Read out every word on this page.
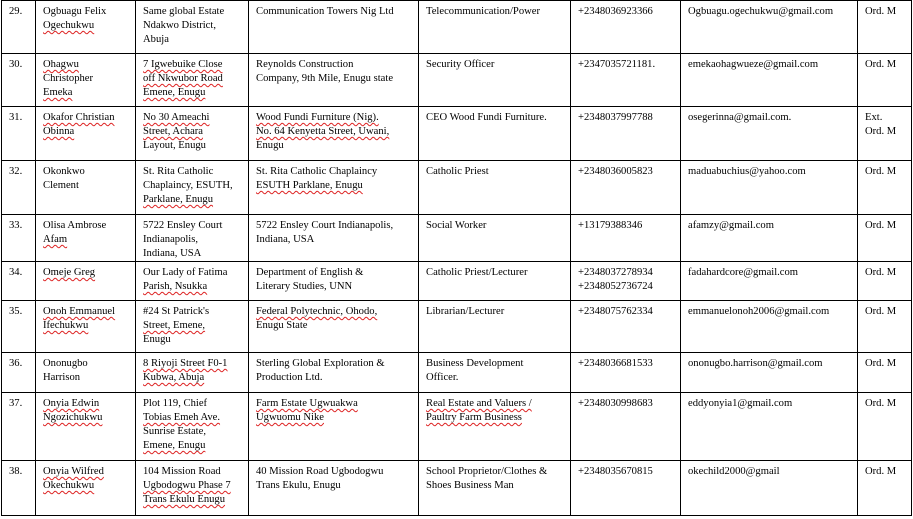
29.	Ogbuagu Felix
Ogechukwu	Same global Estate
Ndakwo District,
Abuja	Communication Towers Nig Ltd	Telecommunication/Power	+2348036923366	Ogbuagu.ogechukwu@gmail.com	Ord. M

30.	Ohagwu
Christopher
Emeka	7 Igwebuike Close
off Nkwubor Road
Emene, Enugu	Reynolds Construction
Company, 9th Mile, Enugu state	Security Officer	+2347035721181.	emekaohagwueze@gmail.com	Ord. M

31.	Okafor Christian
Obinna	No 30 Ameachi
Street, Achara
Layout, Enugu	Wood Fundi Furniture (Nig).
No. 64 Kenyetta Street, Uwani,
Enugu	CEO Wood Fundi Furniture.	+2348037997788	osegerinna@gmail.com.	Ext.
Ord. M

32.	Okonkwo
Clement	St. Rita Catholic
Chaplaincy, ESUTH,
Parklane, Enugu	St. Rita Catholic Chaplaincy
ESUTH Parklane, Enugu	Catholic Priest	+2348036005823	maduabuchius@yahoo.com	Ord. M

33.	Olisa Ambrose
Afam	5722 Ensley Court
Indianapolis,
Indiana, USA	5722 Ensley Court Indianapolis,
Indiana, USA	Social Worker	+13179388346	afamzy@gmail.com	Ord. M

34.	Omeje Greg	Our Lady of Fatima
Parish, Nsukka	Department of English &
Literary Studies, UNN	Catholic Priest/Lecturer	+2348037278934
+2348052736724	fadahardcore@gmail.com	Ord. M

35.	Onoh Emmanuel
Ifechukwu	#24 St Patrick's
Street, Emene,
Enugu	Federal Polytechnic, Ohodo,
Enugu State	Librarian/Lecturer	+2348075762334	emmanuelonoh2006@gmail.com	Ord. M

36.	Ononugbo
Harrison	8 Riyoji Street F0-1
Kubwa, Abuja	Sterling Global Exploration &
Production Ltd.	Business Development
Officer.	+2348036681533	ononugbo.harrison@gmail.com	Ord. M

37.	Onyia Edwin
Ngozichukwu	Plot 119, Chief
Tobias Emeh Ave.
Sunrise Estate,
Emene, Enugu	Farm Estate Ugwuakwa
Ugwuomu Nike	Real Estate and Valuers /
Paultry Farm Business	+2348030998683	eddyonyia1@gmail.com	Ord. M

38.	Onyia Wilfred
Okechukwu	104 Mission Road
Ugbodogwu Phase 7
Trans Ekulu Enugu	40 Mission Road Ugbodogwu
Trans Ekulu, Enugu	School Proprietor/Clothes &
Shoes Business Man	+2348035670815	okechild2000@gmail	Ord. M
